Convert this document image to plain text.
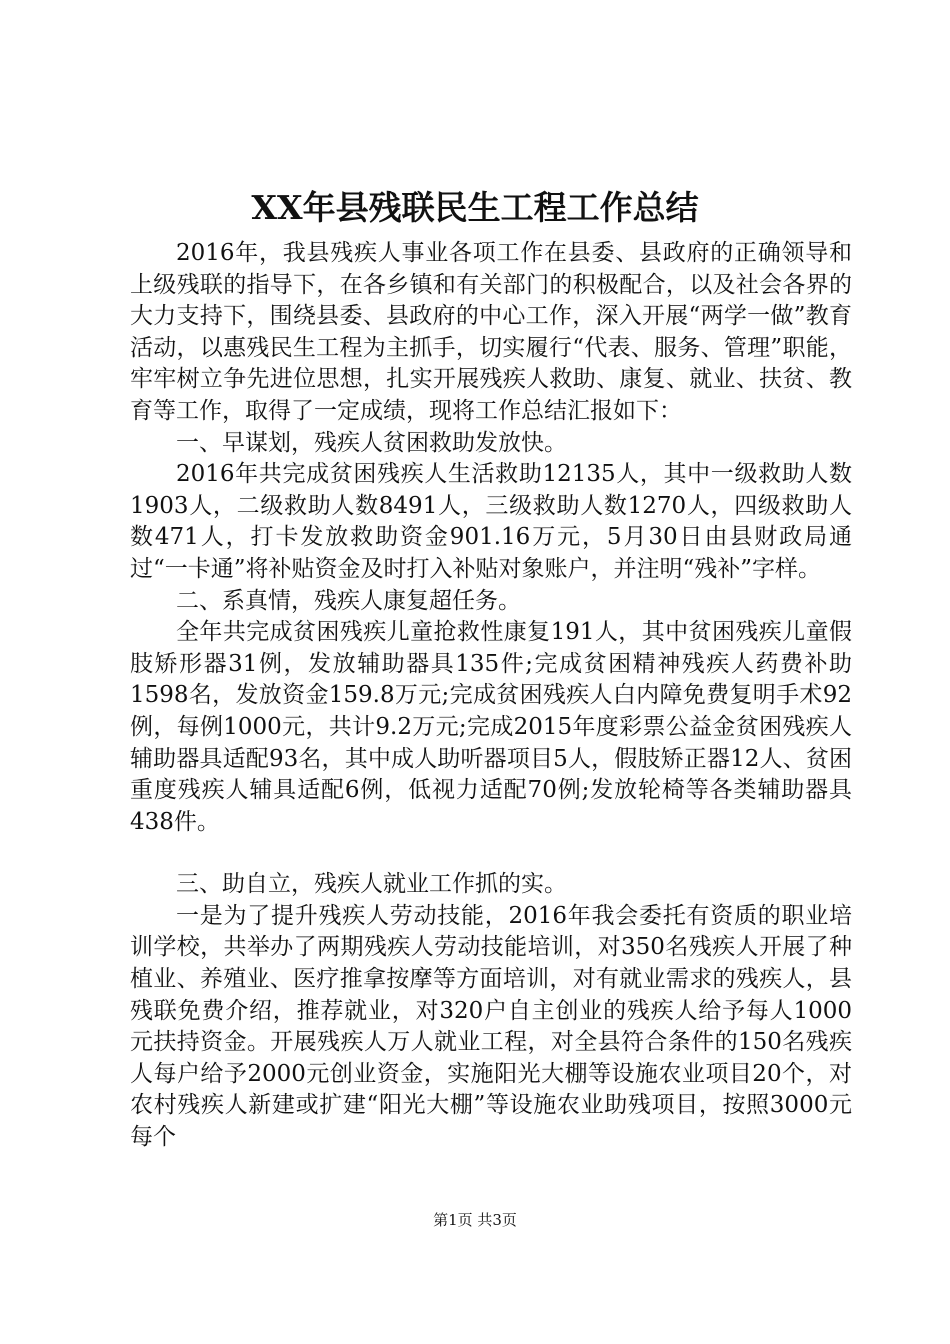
XX年县残联民生工程工作总结

2016年，我县残疾人事业各项工作在县委、县政府的正确领导和上级残联的指导下，在各乡镇和有关部门的积极配合，以及社会各界的大力支持下，围绕县委、县政府的中心工作，深入开展“两学一做”教育活动，以惠残民生工程为主抓手，切实履行“代表、服务、管理”职能，牢牢树立争先进位思想，扎实开展残疾人救助、康复、就业、扶贫、教育等工作，取得了一定成绩，现将工作总结汇报如下：

一、早谋划，残疾人贫困救助发放快。

2016年共完成贫困残疾人生活救助12135人，其中一级救助人数1903人，二级救助人数8491人，三级救助人数1270人，四级救助人数471人，打卡发放救助资金901.16万元，5月30日由县财政局通过“一卡通”将补贴资金及时打入补贴对象账户，并注明“残补”字样。

二、系真情，残疾人康复超任务。

全年共完成贫困残疾儿童抢救性康复191人，其中贫困残疾儿童假肢矫形器31例，发放辅助器具135件;完成贫困精神残疾人药费补助1598名，发放资金159.8万元;完成贫困残疾人白内障免费复明手术92例，每例1000元，共计9.2万元;完成2015年度彩票公益金贫困残疾人辅助器具适配93名，其中成人助听器项目5人，假肢矫正器12人、贫困重度残疾人辅具适配6例，低视力适配70例;发放轮椅等各类辅助器具438件。

三、助自立，残疾人就业工作抓的实。

一是为了提升残疾人劳动技能，2016年我会委托有资质的职业培训学校，共举办了两期残疾人劳动技能培训，对350名残疾人开展了种植业、养殖业、医疗推拿按摩等方面培训，对有就业需求的残疾人，县残联免费介绍，推荐就业，对320户自主创业的残疾人给予每人1000元扶持资金。开展残疾人万人就业工程，对全县符合条件的150名残疾人每户给予2000元创业资金，实施阳光大棚等设施农业项目20个，对农村残疾人新建或扩建“阳光大棚”等设施农业助残项目，按照3000元每个

第1页 共3页
